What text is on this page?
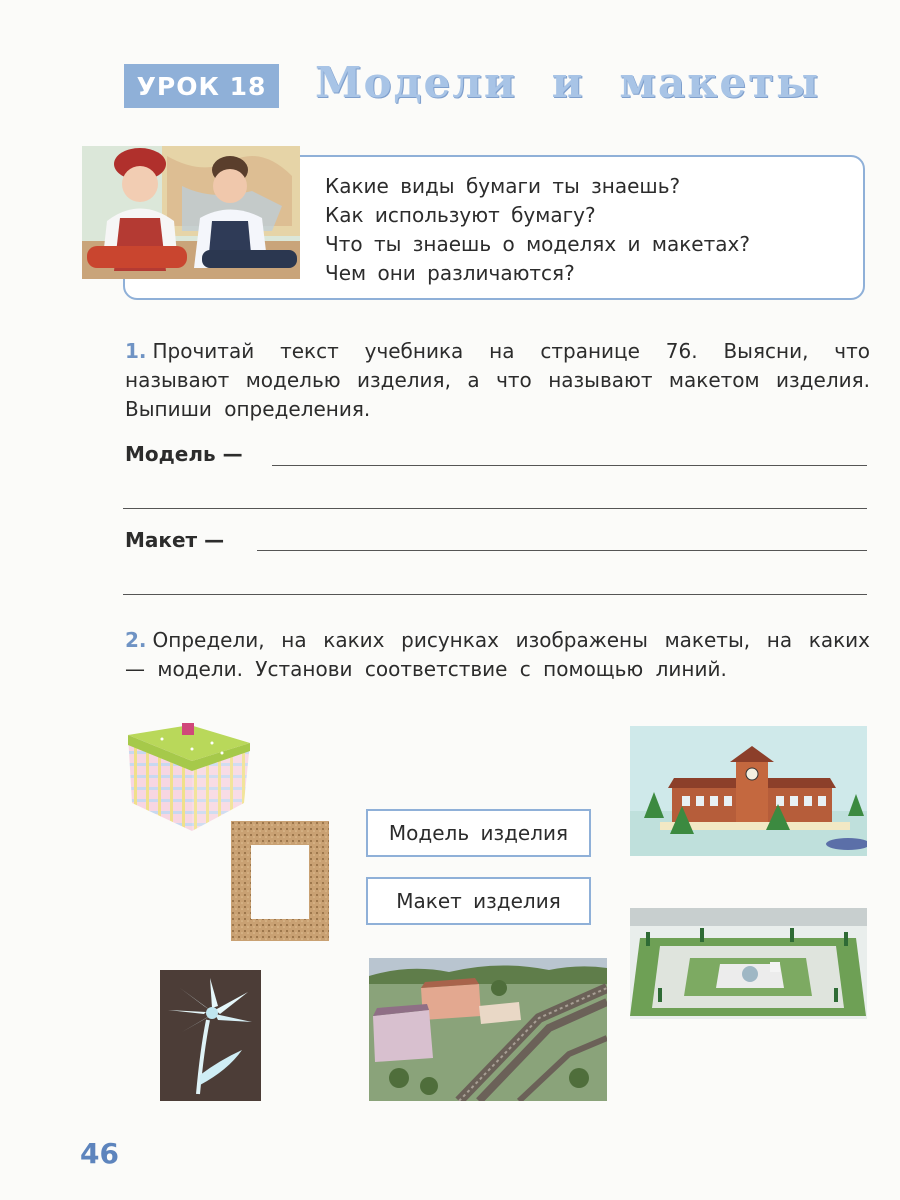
УРОК 18 Модели и макеты
Какие виды бумаги ты знаешь?
Как используют бумагу?
Что ты знаешь о моделях и макетах?
Чем они различаются?
1. Прочитай текст учебника на странице 76. Выясни, что называют моделью изделия, а что называют макетом изделия. Выпиши определения.
Модель —
Макет —
2. Определи, на каких рисунках изображены макеты, на каких — модели. Установи соответствие с помощью линий.
Модель изделия
Макет изделия
46
